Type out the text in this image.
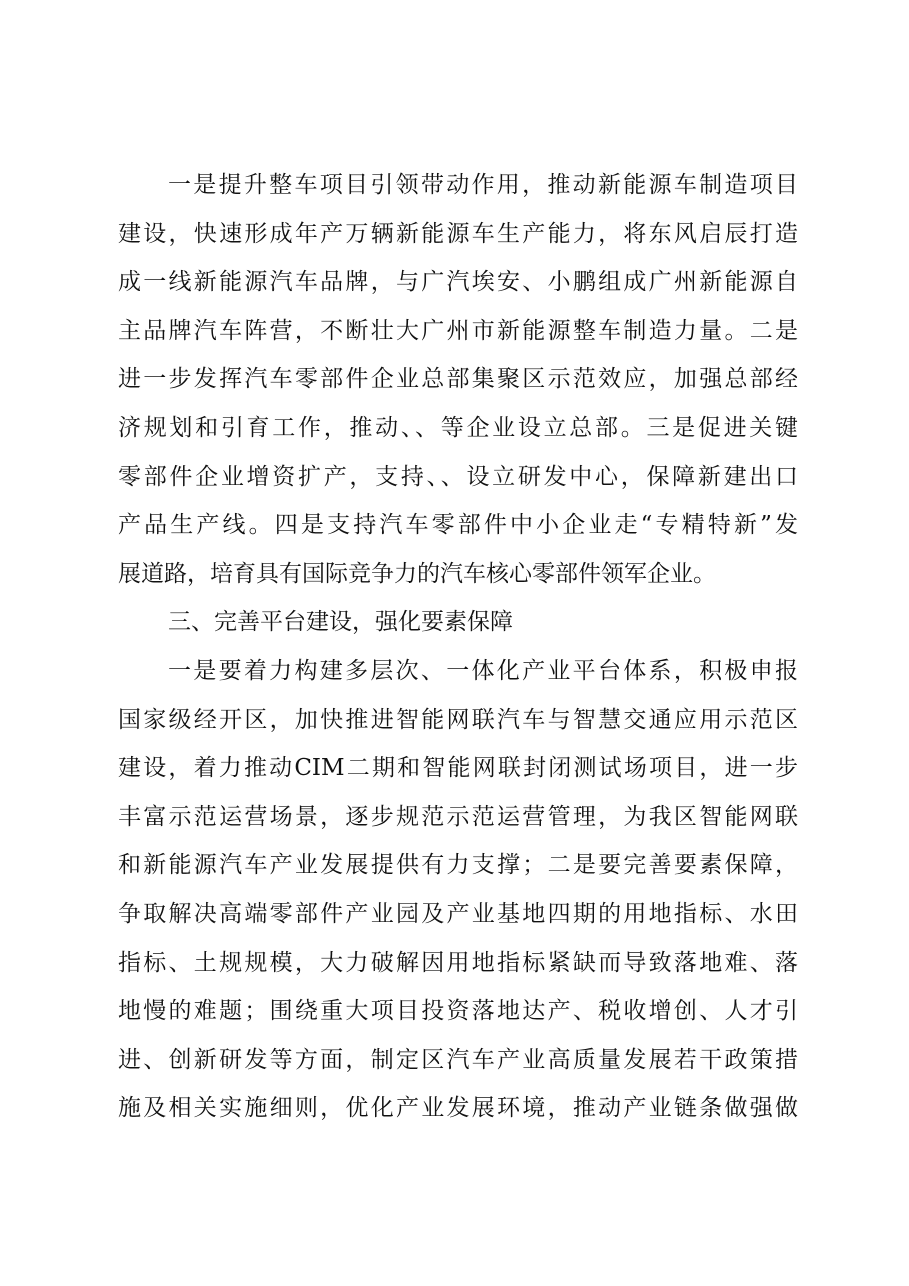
一是提升整车项目引领带动作用，推动新能源车制造项目
建设，快速形成年产万辆新能源车生产能力，将东风启辰打造
成一线新能源汽车品牌，与广汽埃安、小鹏组成广州新能源自
主品牌汽车阵营，不断壮大广州市新能源整车制造力量。二是
进一步发挥汽车零部件企业总部集聚区示范效应，加强总部经
济规划和引育工作，推动、、等企业设立总部。三是促进关键
零部件企业增资扩产，支持、、设立研发中心，保障新建出口
产品生产线。四是支持汽车零部件中小企业走“专精特新”发
展道路，培育具有国际竞争力的汽车核心零部件领军企业。
三、完善平台建设，强化要素保障
一是要着力构建多层次、一体化产业平台体系，积极申报
国家级经开区，加快推进智能网联汽车与智慧交通应用示范区
建设，着力推动CIM二期和智能网联封闭测试场项目，进一步
丰富示范运营场景，逐步规范示范运营管理，为我区智能网联
和新能源汽车产业发展提供有力支撑；二是要完善要素保障，
争取解决高端零部件产业园及产业基地四期的用地指标、水田
指标、土规规模，大力破解因用地指标紧缺而导致落地难、落
地慢的难题；围绕重大项目投资落地达产、税收增创、人才引
进、创新研发等方面，制定区汽车产业高质量发展若干政策措
施及相关实施细则，优化产业发展环境，推动产业链条做强做
